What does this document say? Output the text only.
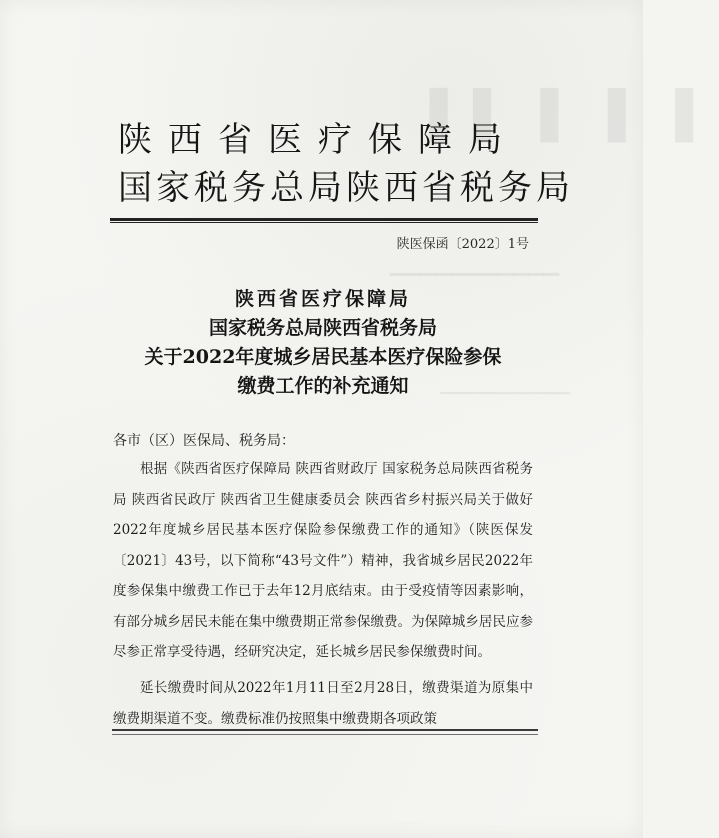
▌▌ ▌ ▌ ▌
▁▁▁▁▁▁▁▁▁▁▁
▁▁▁▁▁▁▁▁▁▁▁▁▁
陕西省医疗保障局
国家税务总局陕西省税务局
陕医保函〔2022〕1号
陕西省医疗保障局
国家税务总局陕西省税务局
关于2022年度城乡居民基本医疗保险参保
缴费工作的补充通知
各市（区）医保局、税务局：
根据《陕西省医疗保障局 陕西省财政厅 国家税务总局陕西省税务局 陕西省民政厅 陕西省卫生健康委员会 陕西省乡村振兴局关于做好2022年度城乡居民基本医疗保险参保缴费工作的通知》（陕医保发〔2021〕43号，以下简称“43号文件”）精神，我省城乡居民2022年度参保集中缴费工作已于去年12月底结束。由于受疫情等因素影响，有部分城乡居民未能在集中缴费期正常参保缴费。为保障城乡居民应参尽参正常享受待遇，经研究决定，延长城乡居民参保缴费时间。
延长缴费时间从2022年1月11日至2月28日，缴费渠道为原集中缴费期渠道不变。缴费标准仍按照集中缴费期各项政策
